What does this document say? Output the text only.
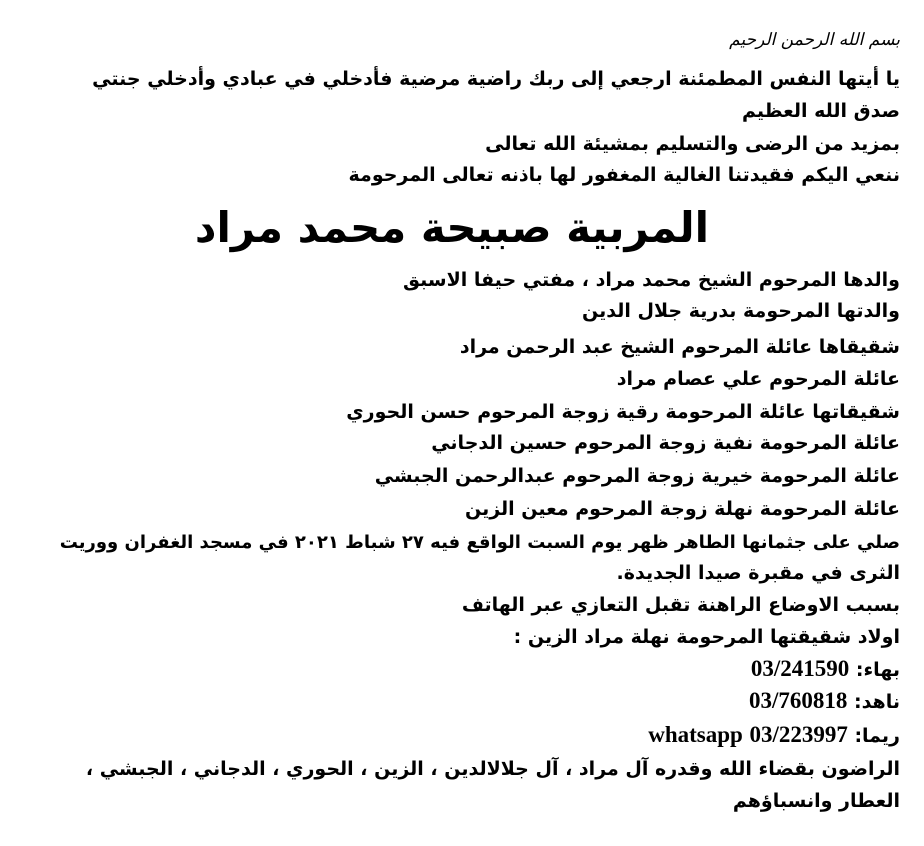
بسم الله الرحمن الرحيم
يا أيتها النفس المطمئنة ارجعي إلى ربك راضية مرضية فأدخلي في عبادي وأدخلي جنتي
صدق الله العظيم
بمزيد من الرضى والتسليم بمشيئة الله تعالى
ننعي اليكم فقيدتنا الغالية المغفور لها باذنه تعالى المرحومة
المربية صبيحة محمد مراد
والدها المرحوم الشيخ محمد مراد ، مفتي حيفا الاسبق
والدتها المرحومة بدرية جلال الدين
شقيقاها عائلة المرحوم الشيخ عبد الرحمن مراد
عائلة المرحوم علي عصام مراد
شقيقاتها عائلة المرحومة رقية زوجة المرحوم حسن الحوري
عائلة المرحومة نفية زوجة المرحوم حسين الدجاني
عائلة المرحومة خيرية زوجة المرحوم عبدالرحمن الجبشي
عائلة المرحومة نهلة زوجة المرحوم معين الزين
صلي على جثمانها الطاهر ظهر يوم السبت الواقع فيه ٢٧ شباط ٢٠٢١ في مسجد الغفران ووريت
الثرى في مقبرة صيدا الجديدة.
بسبب الاوضاع الراهنة تقبل التعازي عبر الهاتف
اولاد شقيقتها المرحومة نهلة مراد الزين :
بهاء: 03/241590
ناهد: 03/760818
ريما: 03/223997 whatsapp
الراضون بقضاء الله وقدره آل مراد ، آل جلالالدين ، الزين ، الحوري ، الدجاني ، الجبشي ،
العطار وانسباؤهم
